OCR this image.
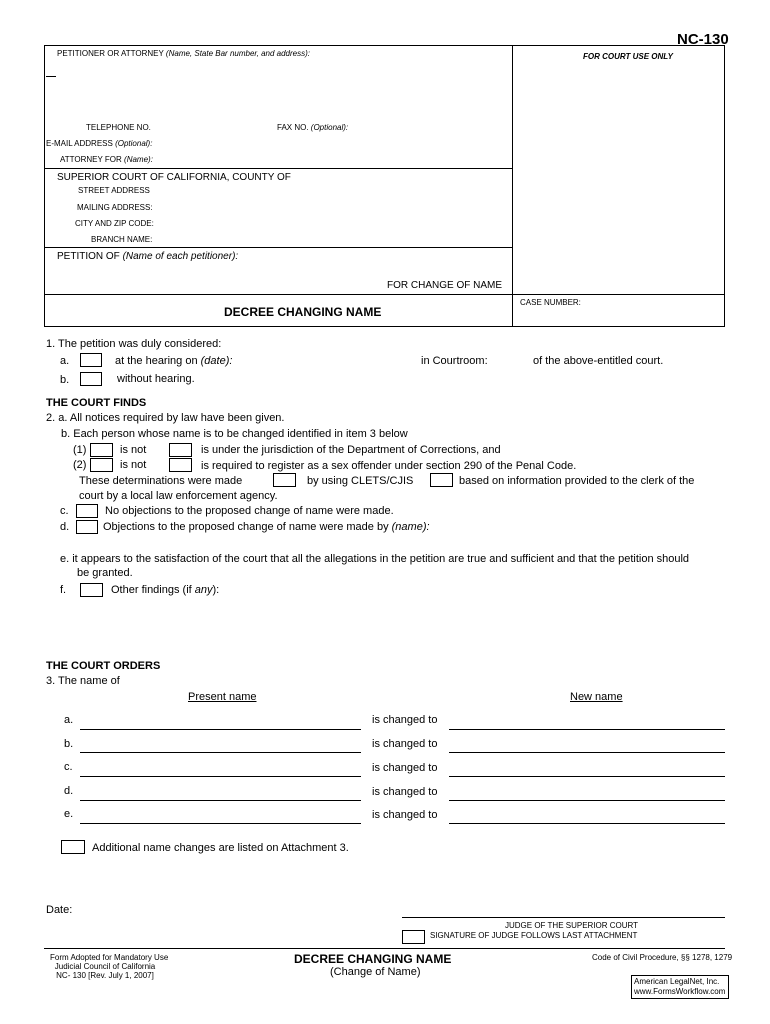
NC-130
PETITIONER OR ATTORNEY (Name, State Bar number, and address):	FOR COURT USE ONLY
TELEPHONE NO.	FAX NO. (Optional):
E-MAIL ADDRESS (Optional):
ATTORNEY FOR (Name):
SUPERIOR COURT OF CALIFORNIA, COUNTY OF
STREET ADDRESS
MAILING ADDRESS:
CITY AND ZIP CODE:
BRANCH NAME:
PETITION OF (Name of each petitioner):
FOR CHANGE OF NAME
DECREE CHANGING NAME
CASE NUMBER:
1. The petition was duly considered:
a.	at the hearing on (date):	in Courtroom:	of the above-entitled court.
b.	without hearing.
THE COURT FINDS
2. a. All notices required by law have been given.
b. Each person whose name is to be changed identified in item 3 below
(1)	is not	is under the jurisdiction of the Department of Corrections, and
(2)	is not	is required to register as a sex offender under section 290 of the Penal Code.
These determinations were made	by using CLETS/CJIS	based on information provided to the clerk of the
court by a local law enforcement agency.
c.	No objections to the proposed change of name were made.
d.	Objections to the proposed change of name were made by (name):
e. it appears to the satisfaction of the court that all the allegations in the petition are true and sufficient and that the petition should
be granted.
f.	Other findings (if any):
THE COURT ORDERS
3. The name of
Present name	New name
a.	is changed to
b.	is changed to
c.	is changed to
d.	is changed to
e.	is changed to
Additional name changes are listed on Attachment 3.
Date:
JUDGE OF THE SUPERIOR COURT
SIGNATURE OF JUDGE FOLLOWS LAST ATTACHMENT
Form Adopted for Mandatory Use
Judicial Council of California
NC- 130 [Rev. July 1, 2007]
DECREE CHANGING NAME
(Change of Name)
Code of Civil Procedure, §§ 1278, 1279
American LegalNet, Inc.
www.FormsWorkflow.com
